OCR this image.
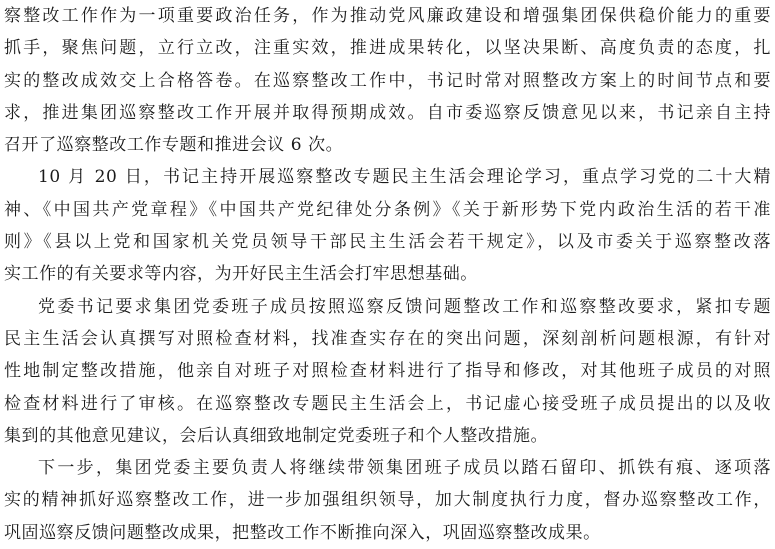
察整改工作作为一项重要政治任务，作为推动党风廉政建设和增强集团保供稳价能力的重要
抓手，聚焦问题，立行立改，注重实效，推进成果转化，以坚决果断、高度负责的态度，扎
实的整改成效交上合格答卷。在巡察整改工作中，书记时常对照整改方案上的时间节点和要
求，推进集团巡察整改工作开展并取得预期成效。自市委巡察反馈意见以来，书记亲自主持
召开了巡察整改工作专题和推进会议 6 次。
10 月 20 日，书记主持开展巡察整改专题民主生活会理论学习，重点学习党的二十大精
神、《中国共产党章程》《中国共产党纪律处分条例》《关于新形势下党内政治生活的若干准
则》《县以上党和国家机关党员领导干部民主生活会若干规定》，以及市委关于巡察整改落
实工作的有关要求等内容，为开好民主生活会打牢思想基础。
党委书记要求集团党委班子成员按照巡察反馈问题整改工作和巡察整改要求，紧扣专题
民主生活会认真撰写对照检查材料，找准查实存在的突出问题，深刻剖析问题根源，有针对
性地制定整改措施，他亲自对班子对照检查材料进行了指导和修改，对其他班子成员的对照
检查材料进行了审核。在巡察整改专题民主生活会上，书记虚心接受班子成员提出的以及收
集到的其他意见建议，会后认真细致地制定党委班子和个人整改措施。
下一步，集团党委主要负责人将继续带领集团班子成员以踏石留印、抓铁有痕、逐项落
实的精神抓好巡察整改工作，进一步加强组织领导，加大制度执行力度，督办巡察整改工作，
巩固巡察反馈问题整改成果，把整改工作不断推向深入，巩固巡察整改成果。
